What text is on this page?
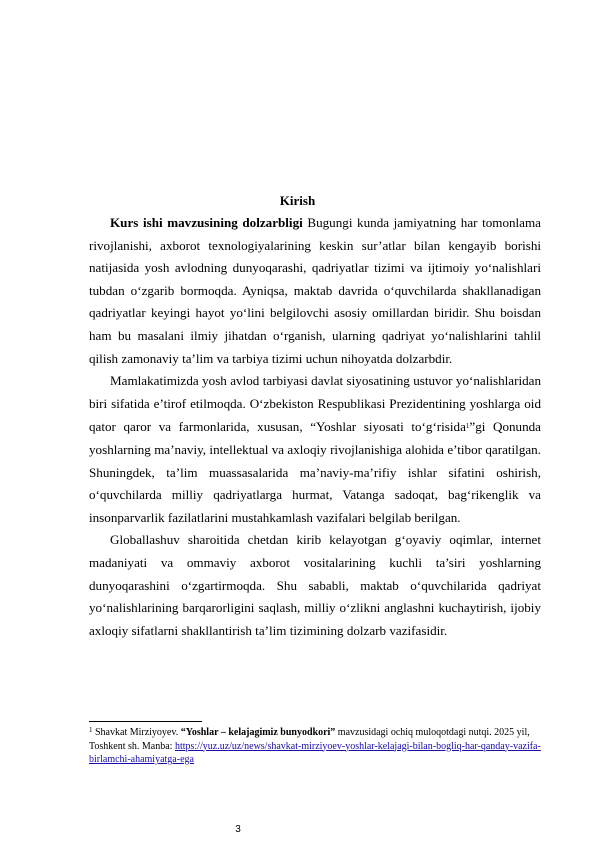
Kirish

Kurs ishi mavzusining dolzarbligi Bugungi kunda jamiyatning har tomonlama rivojlanishi, axborot texnologiyalarining keskin sur’atlar bilan kengayib borishi natijasida yosh avlodning dunyoqarashi, qadriyatlar tizimi va ijtimoiy yo‘nalishlari tubdan o‘zgarib bormoqda. Ayniqsa, maktab davrida o‘quvchilarda shakllanadigan qadriyatlar keyingi hayot yo‘lini belgilovchi asosiy omillardan biridir. Shu boisdan ham bu masalani ilmiy jihatdan o‘rganish, ularning qadriyat yo‘nalishlarini tahlil qilish zamonaviy ta’lim va tarbiya tizimi uchun nihoyatda dolzarbdir.

Mamlakatimizda yosh avlod tarbiyasi davlat siyosatining ustuvor yo‘nalishlaridan biri sifatida e’tirof etilmoqda. O‘zbekiston Respublikasi Prezidentining yoshlarga oid qator qaror va farmonlarida, xususan, “Yoshlar siyosati to‘g‘risida$^1$”gi Qonunda yoshlarning ma’naviy, intellektual va axloqiy rivojlanishiga alohida e’tibor qaratilgan. Shuningdek, ta’lim muassasalarida ma’naviy-ma’rifiy ishlar sifatini oshirish, o‘quvchilarda milliy qadriyatlarga hurmat, Vatanga sadoqat, bag‘rikenglik va insonparvarlik fazilatlarini mustahkamlash vazifalari belgilab berilgan.

Globallashuv sharoitida chetdan kirib kelayotgan g‘oyaviy oqimlar, internet madaniyati va ommaviy axborot vositalarining kuchli ta’siri yoshlarning dunyoqarashini o‘zgartirmoqda. Shu sababli, maktab o‘quvchilarida qadriyat yo‘nalishlarining barqarorligini saqlash, milliy o‘zlikni anglashni kuchaytirish, ijobiy axloqiy sifatlarni shakllantirish ta’lim tizimining dolzarb vazifasidir.

$^1$ Shavkat Mirziyoyev. “Yoshlar – kelajagimiz bunyodkori” mavzusidagi ochiq muloqotdagi nutqi. 2025 yil, Toshkent sh. Manba: https://yuz.uz/uz/news/shavkat-mirziyoev-yoshlar-kelajagi-bilan-bogliq-har-qanday-vazifa-birlamchi-ahamiyatga-ega
3
